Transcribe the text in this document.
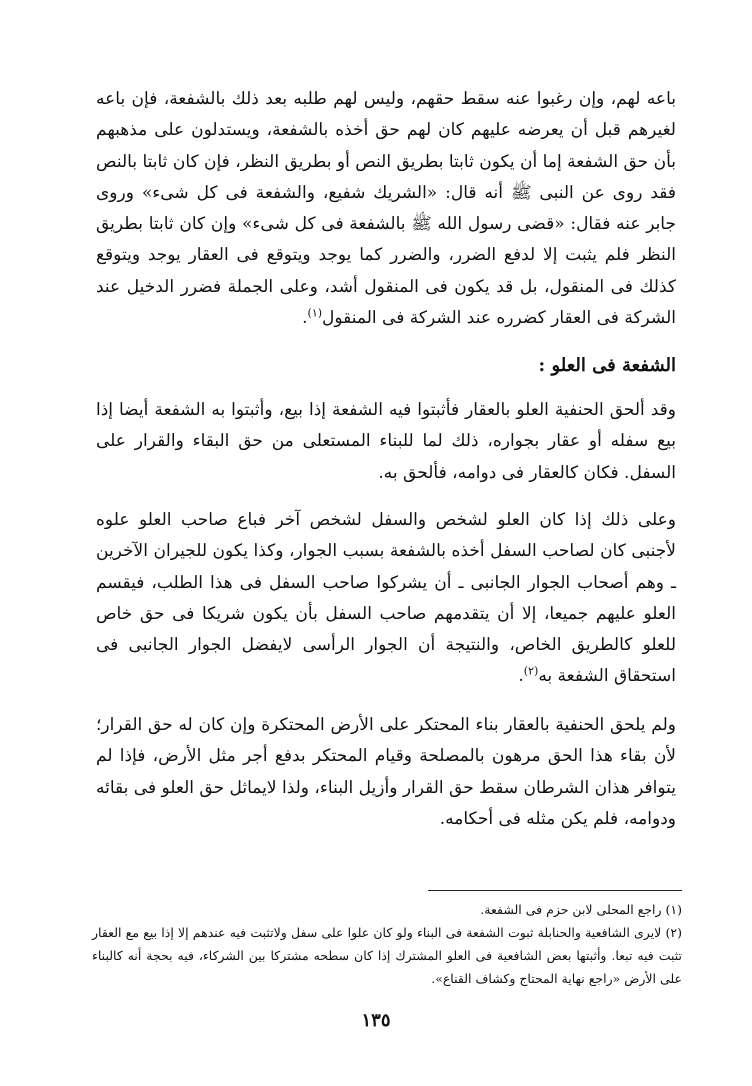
باعه لهم، وإن رغبوا عنه سقط حقهم، وليس لهم طلبه بعد ذلك بالشفعة، فإن باعه لغيرهم قبل أن يعرضه عليهم كان لهم حق أخذه بالشفعة، ويستدلون على مذهبهم بأن حق الشفعة إما أن يكون ثابتا بطريق النص أو بطريق النظر، فإن كان ثابتا بالنص فقد روى عن النبى ﷺ أنه قال: «الشريك شفيع، والشفعة فى كل شىء» وروى جابر عنه فقال: «قضى رسول الله ﷺ بالشفعة فى كل شىء» وإن كان ثابتا بطريق النظر فلم يثبت إلا لدفع الضرر، والضرر كما يوجد ويتوقع فى العقار يوجد ويتوقع كذلك فى المنقول، بل قد يكون فى المنقول أشد، وعلى الجملة فضرر الدخيل عند الشركة فى العقار كضرره عند الشركة فى المنقول$^{(١)}$.
الشفعة فى العلو :
وقد ألحق الحنفية العلو بالعقار فأثبتوا فيه الشفعة إذا بيع، وأثبتوا به الشفعة أيضا إذا بيع سفله أو عقار بجواره، ذلك لما للبناء المستعلى من حق البقاء والقرار على السفل. فكان كالعقار فى دوامه، فألحق به.
وعلى ذلك إذا كان العلو لشخص والسفل لشخص آخر فباع صاحب العلو علوه لأجنبى كان لصاحب السفل أخذه بالشفعة بسبب الجوار، وكذا يكون للجيران الآخرين ـ وهم أصحاب الجوار الجانبى ـ أن يشركوا صاحب السفل فى هذا الطلب، فيقسم العلو عليهم جميعا، إلا أن يتقدمهم صاحب السفل بأن يكون شريكا فى حق خاص للعلو كالطريق الخاص، والنتيجة أن الجوار الرأسى لايفضل الجوار الجانبى فى استحقاق الشفعة به$^{(٢)}$.
ولم يلحق الحنفية بالعقار بناء المحتكر على الأرض المحتكرة وإن كان له حق القرار؛ لأن بقاء هذا الحق مرهون بالمصلحة وقيام المحتكر بدفع أجر مثل الأرض، فإذا لم يتوافر هذان الشرطان سقط حق القرار وأزيل البناء، ولذا لايماثل حق العلو فى بقائه ودوامه، فلم يكن مثله فى أحكامه.

(١) راجع المحلى لابن حزم فى الشفعة.

(٢) لايرى الشافعية والحنابلة ثبوت الشفعة فى البناء ولو كان علوا على سفل ولاتثبت فيه عندهم إلا إذا بيع مع العقار تثبت فيه تبعا. وأثبتها بعض الشافعية فى العلو المشترك إذا كان سطحه مشتركا بين الشركاء، فيه بحجة أنه كالبناء على الأرض «راجع نهاية المحتاج وكشاف القناع».

١٣٥
